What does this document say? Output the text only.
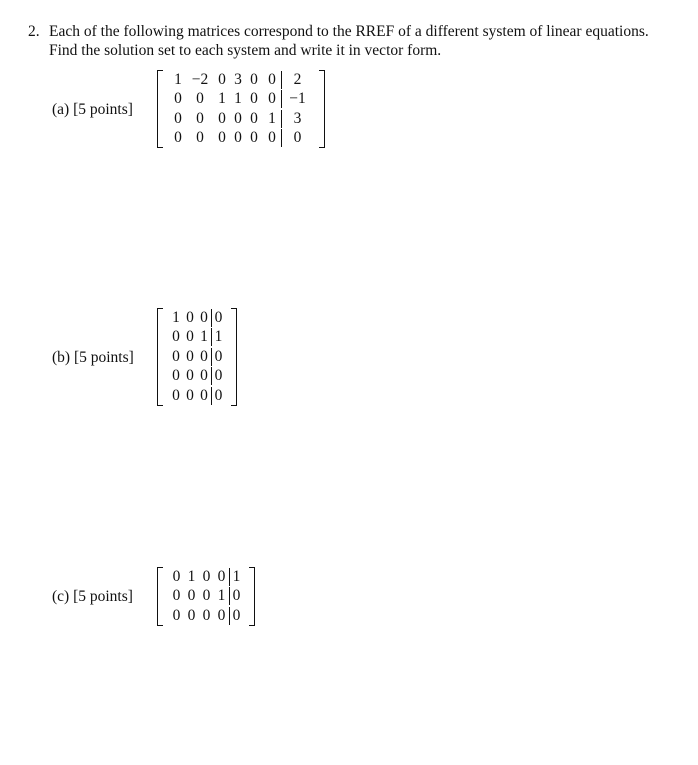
2. Each of the following matrices correspond to the RREF of a different system of linear equations. Find the solution set to each system and write it in vector form.
(a) [5 points]
1 −2 0 3 0 0	2
0 0 1 1 0 0 −1
0 0 0 0 0 1	3
0 0 0 0 0 0	0
(b) [5 points]
1 0 0 0
0 0 1 1
0 0 0 0
0 0 0 0
0 0 0 0
(c) [5 points]
0 1 0 0 1
0 0 0 1 0
0 0 0 0 0
